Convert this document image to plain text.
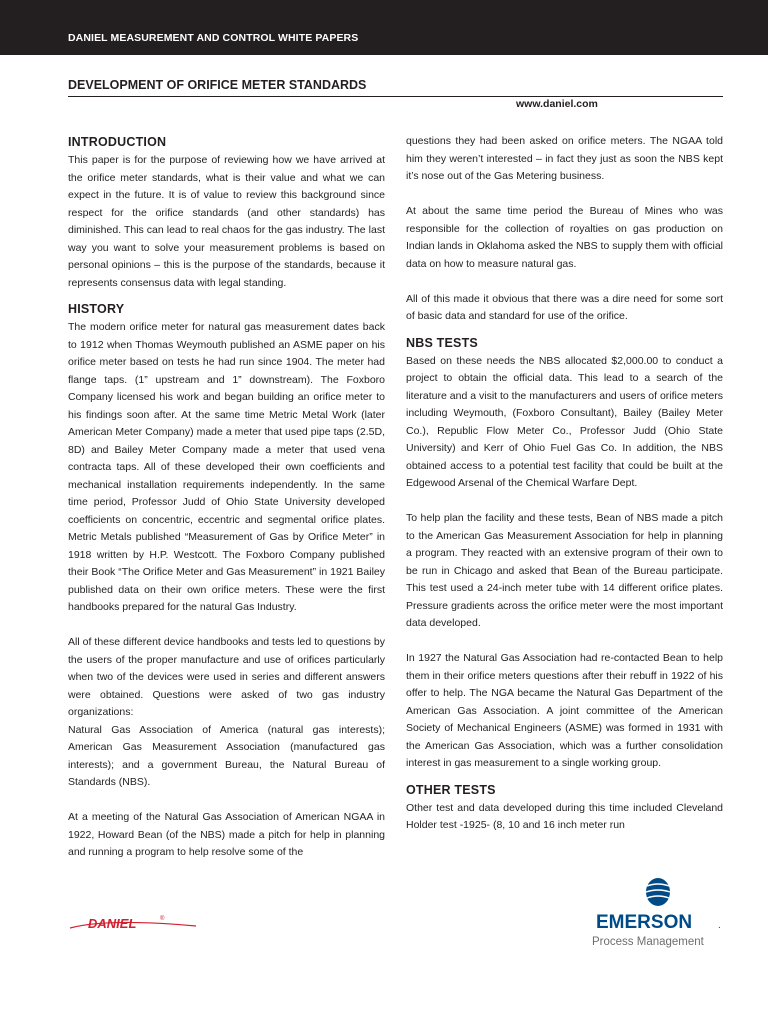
DANIEL MEASUREMENT AND CONTROL WHITE PAPERS
DEVELOPMENT OF ORIFICE METER STANDARDS
www.daniel.com
INTRODUCTION

This paper is for the purpose of reviewing how we have arrived at the orifice meter standards, what is their value and what we can expect in the future. It is of value to review this background since respect for the orifice standards (and other standards) has diminished. This can lead to real chaos for the gas industry. The last way you want to solve your measurement problems is based on personal opinions – this is the purpose of the standards, because it represents consensus data with legal standing.

HISTORY

The modern orifice meter for natural gas measurement dates back to 1912 when Thomas Weymouth published an ASME paper on his orifice meter based on tests he had run since 1904. The meter had flange taps. (1” upstream and 1” downstream). The Foxboro Company licensed his work and began building an orifice meter to his findings soon after. At the same time Metric Metal Work (later American Meter Company) made a meter that used pipe taps (2.5D, 8D) and Bailey Meter Company made a meter that used vena contracta taps. All of these developed their own coefficients and mechanical installation requirements independently. In the same time period, Professor Judd of Ohio State University developed coefficients on concentric, eccentric and segmental orifice plates. Metric Metals published “Measurement of Gas by Orifice Meter” in 1918 written by H.P. Westcott. The Foxboro Company published their Book “The Orifice Meter and Gas Measurement” in 1921 Bailey published data on their own orifice meters. These were the first handbooks prepared for the natural Gas Industry.

All of these different device handbooks and tests led to questions by the users of the proper manufacture and use of orifices particularly when two of the devices were used in series and different answers were obtained. Questions were asked of two gas industry organizations:

Natural Gas Association of America (natural gas interests); American Gas Measurement Association (manufactured gas interests); and a government Bureau, the Natural Bureau of Standards (NBS).

At a meeting of the Natural Gas Association of American NGAA in 1922, Howard Bean (of the NBS) made a pitch for help in planning and running a program to help resolve some of the

questions they had been asked on orifice meters. The NGAA told him they weren’t interested – in fact they just as soon the NBS kept it’s nose out of the Gas Metering business.

At about the same time period the Bureau of Mines who was responsible for the collection of royalties on gas production on Indian lands in Oklahoma asked the NBS to supply them with official data on how to measure natural gas.

All of this made it obvious that there was a dire need for some sort of basic data and standard for use of the orifice.

NBS TESTS

Based on these needs the NBS allocated $2,000.00 to conduct a project to obtain the official data. This lead to a search of the literature and a visit to the manufacturers and users of orifice meters including Weymouth, (Foxboro Consultant), Bailey (Bailey Meter Co.), Republic Flow Meter Co., Professor Judd (Ohio State University) and Kerr of Ohio Fuel Gas Co. In addition, the NBS obtained access to a potential test facility that could be built at the Edgewood Arsenal of the Chemical Warfare Dept.

To help plan the facility and these tests, Bean of NBS made a pitch to the American Gas Measurement Association for help in planning a program. They reacted with an extensive program of their own to be run in Chicago and asked that Bean of the Bureau participate. This test used a 24-inch meter tube with 14 different orifice plates. Pressure gradients across the orifice meter were the most important data developed.

In 1927 the Natural Gas Association had re-contacted Bean to help them in their orifice meters questions after their rebuff in 1922 of his offer to help. The NGA became the Natural Gas Department of the American Gas Association. A joint committee of the American Society of Mechanical Engineers (ASME) was formed in 1931 with the American Gas Association, which was a further consolidation interest in gas measurement to a single working group.

OTHER TESTS

Other test and data developed during this time included Cleveland Holder test -1925- (8, 10 and 16 inch meter run

DANIEL	®	EMERSON	.
Process Management
